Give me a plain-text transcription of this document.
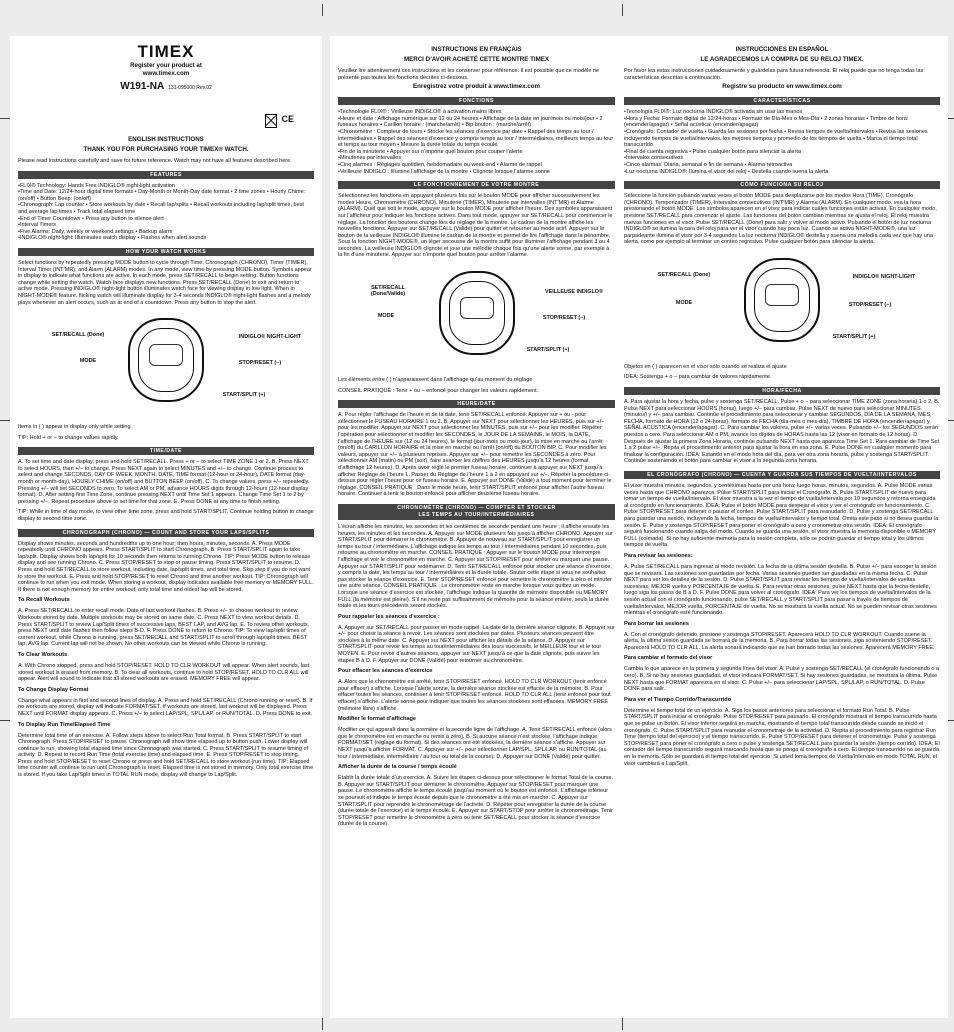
TIMEX
Register your product at
www.timex.com
W191-NA 131-095000 Rev.02
CE
ENGLISH INSTRUCTIONS
THANK YOU FOR PURCHASING YOUR TIMEX® WATCH.
Please read instructions carefully and save for future reference. Watch may not have all features described here.
FEATURES
• FLIX® Technology: Hands Free INDIGLO® night-light activation
• Time and Date: 12/24-hour digital time formats • Day-Month or Month-Day date format • 2 time zones • Hourly Chime: (on/off) • Button Beep: (on/off)
• Chronograph: Lap counter • Store workouts by date • Recall lap/splits • Recall workouts including lap/split times, best and average lap times • Track total elapsed time
• End of Timer Countdown • Press any button to silence alert
• Interval Timers
• Five Alarms: Daily, weekly or weekend settings • Backup alarm
• INDIGLO® night-light: Illuminates watch display • Flashes when alert sounds
HOW YOUR WATCH WORKS
Select functions by repeatedly pressing MODE button to cycle through Time, Chronograph (CHRONO), Timer (TIMER), Interval Timer (INT’MR), and Alarm (ALARM) modes. In any mode, view time by pressing MODE button. Symbols appear in display to indicate what functions are active. In each mode, press SET/RECALL to begin setting. Button functions change while setting the watch. Watch face displays new functions. Press SET/RECALL (Done) to exit and return to active mode. Pressing INDIGLO® night-light button illuminates watch face for viewing display in low light. When in NIGHT-MODE® feature, flicking watch will illuminate display for 3-4 seconds INDIGLO® night-light flashes and a melody plays whenever an alert occurs, such as at end of a countdown. Press any button to stop the alert.
SET/RECALL (Done)	INDIGLO® NIGHT-LIGHT
MODE	STOP/RESET (−)
START/SPLIT (+)
Items in ( ) appear in display only while setting
TIP: Hold + or − to change values rapidly.
TIME/DATE
A. To set time and date display, press and hold SET/RECALL. Press + or − to select TIME ZONE 1 or 2. B. Press NEXT to select HOURS, then +/− to change. Press NEXT again to select MINUTES and +/− to change. Continue process to select and change SECONDS, DAY OF WEEK, MONTH, DATE, TIME format (12-hour or 24-hour), DATE format (day-month or month-day), HOURLY CHIME (on/off) and BUTTON BEEP (on/off). C. To change values, press +/− repeatedly. Pressing +/− will set SECONDS to zero. To select AM or PM, advance HOURS digits through 12-hours (12-hour display format). D. After setting first Time Zone, continue pressing NEXT until Time Set 1 appears. Change Time Set 1 to 2 by pressing +/−. Repeat procedure above to set time for that zone. E. Press DONE at any time to finish setting.
TIP: While in time of day mode, to view other time zone, press and hold START/SPLIT. Continue holding button to change display to second time zone.
CHRONOGRAPH (CHRONO) — COUNT AND STORE YOUR LAPS/SPLITS
Display shows minutes, seconds and hundredths up to one hour; then hours, minutes, seconds. A. Press MODE repeatedly until CHRONO appears. Press START/SPLIT to start Chronograph. B. Press START/SPLIT again to take lap/split. Display shows both lap/split for 10 seconds then returns to running Chrono. TIP: Press MODE button to release display and see running Chrono. C. Press STOP/RESET to stop or pause timing. Press START/SPLIT to resume. D. Press and hold SET/RECALL to store workout, including date, lap/split times, and total time. Skip step if you do not want to store the workout. E. Press and hold STOP/RESET to reset Chrono and time another workout. TIP: Chronograph will continue to run when you exit mode. When storing a workout, display indicates available free memory or MEMORY FULL. If there is not enough memory for entire workout, only total time and oldest lap will be stored.
To Recall Workouts
A. Press SET/RECALL to enter recall mode. Date of last workout flashes. B. Press +/− to choose workout to review. Workouts stored by date. Multiple workouts may be stored on same date. C. Press NEXT to view workout details. D. Press START/SPLIT to review Lap/Split times of successive laps, BEST LAP, and AVG lap. E. To review other workouts, press NEXT until date flashes then follow steps B-D. F. Press DONE to return to Chrono. TIP: To view lap/split times of current workout, while Chrono is running, press SET/RECALL and START/SPLIT to scroll through lap/split times, BEST lap, AVG lap. Current lap will not be shown. No other workouts can be viewed while Chrono is running.
To Clear Workouts
A. With Chrono stopped, press and hold STOP/RESET. HOLD TO CLR WORKOUT will appear. When alert sounds, last stored workout is erased from memory. B. To clear all workouts, continue to hold STOP/RESET. HOLD TO CLR ALL will appear. Alert will sound to indicate that all stored workouts are erased. MEMORY FREE will appear.
To Change Display Format
Change what appears in first and second lines of display. A. Press and hold SET/RECALL (Chrono running or reset). B. If no workouts are stored, display will indicate FORMAT/SET. If workouts are stored, last workout will be displayed. Press NEXT until FORMAT display appears. C. Press +/− to select LAP/SPL, SPL/LAP, or RUN/TOTAL. D. Press DONE to exit.
To Display Run Time/Elapsed Time
Determine total time of an exercise. A. Follow steps above to select Run Total format. B. Press START/SPLIT to start Chronograph. Press STOP/RESET to pause. Chronograph will show time elapsed up to button push. Lower display will continue to run, showing total elapsed time since Chronograph was started. C. Press START/SPLIT to resume timing of activity. D. Repeat to record Run Time (total exercise time) and elapsed time. E. Press STOP/RESET to stop timing. Press and hold STOP/RESET to reset Chrono or press and hold SET/RECALL to store workout (run time). TIP: Elapsed time counter will continue to run until Chronograph is reset. Elapsed time is not stored in memory. Only total exercise time is stored. If you take Lap/Split times in TOTAL RUN mode, display will change to Lap/Split.
INSTRUCTIONS EN FRANÇAIS
MERCI D’AVOIR ACHETÉ CETTE MONTRE TIMEX
Veuillez lire attentivement ces instructions et les conserver pour référence. Il est possible que ce modèle ne présente pas toutes les fonctions décrites ci-dessous.
Enregistrez votre produit à www.timex.com
FONCTIONS
• Technologie FLIX® : Veilleuse INDIGLO® à activation mains libres
• Heure et date : Affichage numérique sur 12 ou 24 heures • Affichage de la date en jour/mois ou mois/jour • 2 fuseaux horaires • Carillon horaire : (marche/arrêt) • Bip bouton : (marche/arrêt)
• Chronomètre : Compteur de tours • Stocke les séances d’exercice par date • Rappel des temps au tour / intermédiaires • Rappel des séances d’exercice y compris temps au tour / intermédiaires, meilleurs temps au tour et temps au tour moyen • Mesure la durée totale du temps écoulé
• Fin de la minuterie • Appuyer sur n’importe quel bouton pour couper l’alerte
• Minuteries par intervalles
• Cinq alarmes : Réglages quotidien, hebdomadaire ou week-end • Alarme de rappel
• Veilleuse INDIGLO : Illumine l’affichage de la montre • Clignote lorsque l’alarme sonne
LE FONCTIONNEMENT DE VOTRE MONTRE
Sélectionnez les fonctions en appuyant plusieurs fois sur le bouton MODE pour afficher successivement les modes Heure, Chronomètre (CHRONO), Minuterie (TIMER), Minuterie par intervalles (INT’MR) et Alarme (ALARM). Quel que soit le mode, appuyer sur le bouton MODE pour afficher l’heure. Des symboles apparaissent sur l’afficheur pour indiquer les fonctions actives. Dans tout mode, appuyer sur SET/RECALL pour commencer le réglage. La fonction des boutons change lors du réglage de la montre. Le cadran de la montre affiche les nouvelles fonctions. Appuyer sur SET/RECALL (Validé) pour quitter et retourner au mode actif. Appuyer sur le bouton de la veilleuse INDIGLO® illumine le cadran de la montre et permet de lire l’affichage dans la pénombre. Sous la fonction NIGHT-MODE®, un léger secousse de la montre suffit pour illuminer l’affichage pendant 3 ou 4 secondes. La veilleuse INDIGLO® clignote et joue une mélodie chaque fois qu’une alerte sonne, par exemple à la fin d’une minuterie. Appuyer sur n’importe quel bouton pour arrêter l’alarme.
SET/RECALL (Done/Validé)	VEILLEUSE INDIGLO®
MODE	STOP/RESET (−)
START/SPLIT (+)
Les éléments entre ( ) n’apparaissent dans l’affichage qu’au moment du réglage
CONSEIL PRATIQUE : Tenir + ou − enfoncé pour changer les valeurs rapidement.
HEURE/DATE
A. Pour régler l’affichage de l’heure et de la date, tenir SET/RECALL enfoncé. Appuyer sur + ou - pour sélectionner le FUSEAU HORAIRE 1 ou 2. B. Appuyer sur NEXT pour sélectionner les HEURES, puis sur +/− pour les modifier. Appuyer sur NEXT pour sélectionner les MINUTES, puis sur +/− pour les modifier. Répéter l’opération pour sélectionner et modifier les SECONDES, le JOUR DE LA SEMAINE, le MOIS, la DATE, l’affichage de l’HEURE sur (12 ou 24 heures), le format (jour-mois ou mois-jour), la mise en marche ou l’arrêt (on/off) du CARILLON HORAIRE et la mise en marche ou l’arrêt (on/off) du BOUTON BIP. C. Pour modifier les valeurs, appuyer sur +/− à plusieurs reprises. Appuyer sur +/− pour remettre les SECONDES à zéro. Pour sélectionner AM (matin) ou PM (soir), faire avancer les chiffres des HEURES jusqu’à 12 heures (format d’affichage 12 heures). D. Après avoir réglé le premier fuseau horaire, continuer à appuyer sur NEXT jusqu’à afficher Réglage de l’heure 1. Passer du Réglage de l’heure 1 à 2 en appuyant sur +/−. Répéter la procédure ci-dessus pour régler l’heure pour ce fuseau horaire. E. Appuyer sur DONE (Validé) à tout moment pour terminer le réglage. CONSEIL PRATIQUE : Dans le mode heure, tenir START/SPLIT enfoncé pour afficher l’autre fuseau horaire. Continuer à tenir le bouton enfoncé pour afficher deuxième fuseau horaire.
CHRONOMÈTRE (CHRONO) — COMPTER ET STOCKER
LES TEMPS AU TOUR/INTERMÉDIAIRES
L’écran affiche les minutes, les secondes et les centièmes de seconde pendant une heure ; il affiche ensuite les heures, les minutes et les secondes. A. Appuyer sur MODE plusieurs fois jusqu’à afficher CHRONO. Appuyer sur START/SPLIT pour démarrer le chronomètre. B. Appuyer de nouveau sur START/SPLIT pour enregistrer un temps au tour / intermédiaire. L’affichage indique les temps au tour / intermédiaires pendant 10 secondes, puis retourne au chronomètre en marche. CONSEIL PRATIQUE : Appuyer sur le bouton MODE pour interrompre l’affichage et voir le chronomètre en marche. C. Appuyer sur STOP/RESET pour arrêter ou marquer une pause. Appuyer sur START/SPLIT pour redémarrer. D. Tenir SET/RECALL enfoncé pour stocker une séance d’exercice, y compris la date, les temps au tour / intermédiaires et la durée totale. Sauter cette étape si vous ne souhaitez pas stocker la séance d’exercice. E. Tenir STOP/RESET enfoncé pour remettre le chronomètre à zéro et minuter une autre séance. CONSEIL PRATIQUE : Le chronomètre reste en marche lorsque vous quittez un mode. Lorsque une séance d’exercice est stockée, l’affichage indique la quantité de mémoire disponible ou MEMORY FULL (la mémoire est pleine). S’il ne reste pas suffisamment de mémoire pour la séance entière, seuls la durée totale et les tours précédents seront stockés.
Pour rappeler les séances d’exercice :
A. Appuyer sur SET/RECALL pour passer en mode rappel. La date de la dernière séance clignote. B. Appuyer sur +/− pour choisir la séance à revoir. Les séances sont stockées par dates. Plusieurs séances peuvent être stockées à la même date. C. Appuyer sur NEXT pour afficher les détails de la séance. D. Appuyer sur START/SPLIT pour revoir les temps au tour/intermédiaires des tours successifs, le MEILLEUR tour et le tour MOYEN. E. Pour revoir d’autres séances, appuyer sur NEXT jusqu’à ce que la date clignote, puis suivre les étapes B à D. F. Appuyer sur DONE (Validé) pour retourner au chronomètre.
Pour effacer les séances d’exercice
A. Alors que le chronomètre est arrêté, tenir STOP/RESET enfoncé. HOLD TO CLR WORKOUT (tenir enfoncé pour effacer) s’affiche. Lorsque l’alerte sonne, la dernière séance stockée est effacée de la mémoire. B. Pour effacer toutes les séances, continuer à tenir STOP/RESET enfoncé. HOLD TO CLR ALL (tenir enfoncé pour tout effacer) s’affiche. L’alerte sonne pour indiquer que toutes les séances stockées sont effacées. MEMORY FREE (mémoire libre) s’affiche.
Modifier le format d’affichage
Modifier ce qui apparaît dans la première et la seconde ligne de l’affichage. A. Tenir SET/RECALL enfoncé (alors que le chronomètre est en marche ou remis à zéro). B. Si aucune séance n’est stockée, l’affichage indique FORMAT/SET (réglage du format). Si des séances ont été stockées, la dernière séance s’affiche. Appuyer sur NEXT jusqu’à afficher FORMAT. C. Appuyer sur +/− pour sélectionner LAP/SPL, SPL/LAP, ou RUN/TOTAL (au tour / intermédiaire, intermédiaire / au tour ou total de la course). D. Appuyer sur DONE (Validé) pour quitter.
Afficher la durée de la course / temps écoulé
Établir la durée totale d’un exercice. A. Suivre les étapes ci-dessus pour sélectionner le format Total de la course. B. Appuyer sur START/SPLIT pour démarrer le chronomètre. Appuyer sur STOP/RESET pour marquer une pause. Le chronomètre affiche le temps écoulé jusqu’au moment où le bouton est enfoncé. L’affichage inférieur se poursuit et indique le temps écoulé depuis que le chronomètre a été mis en marche. C. Appuyer sur START/SPLIT pour reprendre le chronométrage de l’activité. D. Répéter pour enregistrer la durée de la course (durée totale de l’exercice) et le temps écoulé. E. Appuyer sur START/STOP pour arrêter le chronométrage. Tenir STOP/RESET pour remettre le chronomètre à zéro ou tenir SET/RECALL pour stocker la séance d’exercice (durée de la course).
INSTRUCCIONES EN ESPAÑOL
LE AGRADECEMOS LA COMPRA DE SU RELOJ TIMEX.
Por favor lea estas instrucciones cuidadosamente y guárdelas para futura referencia. El reloj puede que no tenga todas las características descritas a continuación.
Registre su producto en www.timex.com
CARACTERÍSTICAS
• Tecnología FLIX®: Luz nocturna INDIGLO® activada sin usar las manos
• Hora y Fecha: Formato digital de 12/24-horas • Formato de Día-Mes o Mes-Día • 2 zonas horarias • Timbre de hora: (encender/apagar) • Señal acústica: (encender/apagar)
• Cronógrafo: Contador de vuelta • Guarda las sesiones por fecha • Revisa tiempos de vuelta/intervalos • Revisa las sesiones incluyendo tiempos de vuelta/intervalos, los mejores tiempos y promedio de los tiempos de vuelta • Marca el tiempo total transcurrido
• Final de cuenta regresiva • Pulse cualquier botón para silenciar la alerta
• Intervalos consecutivos
• Cinco alarmas: Diaria, semanal o fin de semana • Alarma retroactiva
• Luz nocturna INDIGLO®: Ilumina el visor del reloj • Destella cuando suena la alerta
CÓMO FUNCIONA SU RELOJ
Seleccione la función pulsando varias veces el botón MODE para desplazarse por los modos Hora (TIME), Cronógrafo (CHRONO), Temporizador (TIMER), Intervalos consecutivos (INT’MR) y Alarma (ALARM). En cualquier modo, vea la hora presionando el botón MODE. Los símbolos aparecen en el visor para indicar cuáles funciones están activas. En cualquier modo, presione SET/RECALL para comenzar el ajuste. Las funciones del botón cambian mientras se ajusta el reloj. El reloj muestra nuevas funciones en el visor. Pulse SET/RECALL (Done) para salir y volver al modo activo. Pulsando el botón de luz nocturna INDIGLO® se ilumina la cara del reloj para ver el visor cuando hay poca luz. Cuando se activa NIGHT-MODE®, una luz parpadeante ilumina el visor por 3-4 segundos La luz nocturna INDIGLO® destella y suena una melodía cada vez que hay una alerta, como por ejemplo al terminar un conteo regresivo. Pulse cualquier botón para silenciar la alerta.
SET/RECALL (Done)	INDIGLO® NIGHT-LIGHT
MODE	STOP/RESET (−)
START/SPLIT (+)
Objetos en ( ) aparecen en el visor sólo cuando se realiza el ajuste
IDEA: Sostenga + o − para cambiar de valores rápidamente.
HORA/FECHA
A. Para ajustar la hora y fecha, pulse y sostenga SET/RECALL. Pulse + o − para seleccionar TIME ZONE (zona horaria) 1 o 2. B. Pulse NEXT para seleccionar HOURS (horas), luego +/− para cambiar. Pulse NEXT de nuevo para seleccionar MINUTES (minutos) y +/− para cambiar. Continúe el procedimiento para seleccionar y cambiar SEGUNDOS, DÍA DE LA SEMANA, MES, FECHA, formato de HORA (12 o 24-horas), formato de FECHA (día-mes o mes-día), TIMBRE DE HORA (encender/apagar) y SEÑAL ACÚSTICA (encender/apagar). C. Para cambiar los valores, pulse +/− varias veces. Pulsando +/− los SEGUNDOS serán puestos a cero. Para seleccionar AM o PM, avance los dígitos de HORAS hasta las 12 (visor en formato de 12 horas). D. Después de ajustar la primera Zona Horaria, continúe pulsando NEXT hasta que aparezca Time Set 1. Para cambiar de Time Set 1 a 2 pulse +/−. Repita el procedimiento anterior para ajustar la hora en esa zona. E. Pulse DONE en cualquier momento para finalizar la configuración. IDEA: Estando en el modo hora del día, para ver otra zona horaria, pulse y sostenga START/SPLIT. Continúe sosteniendo el botón para cambiar el visor a la segunda zona horaria.
EL CRONÓGRAFO (CHRONO) — CUENTA Y GUARDA SUS TIEMPOS DE VUELTA/INTERVALOS
El visor muestra minutos, segundos, y centésimas hasta por una hora; luego horas, minutos, segundos. A. Pulse MODE varias veces hasta que CHRONO aparezca. Pulse START/SPLIT para iniciar el Cronógrafo. B. Pulse START/SPLIT de nuevo para tomar un tiempo de vuelta/intervalo. El visor muestra a la vez el tiempo de vuelta/intervalo por 10 segundos y retorna enseguida al cronógrafo en funcionamiento. IDEA: Pulse el botón MODE para despejar el visor y ver el cronógrafo en funcionamiento. C. Pulse STOP/RESET para detener o pausar el conteo. Pulse START/SPLIT para reanudarlo. D. Pulse y sostenga SET/RECALL para guardar una sesión, incluyendo la fecha, tiempos de vuelta/intervalos y tiempo total. Omita este paso si no desea guardar la sesión. E. Pulse y sostenga STOP/RESET para poner el cronógrafo a cero y cronometrar otra sesión. IDEA: El cronógrafo seguirá funcionando cuando salga del modo. Cuando se guarda una sesión, el visor muestra la memoria disponible o MEMORY FULL (colmada). Si no hay suficiente memoria para la sesión completa, sólo se podrán guardar el tiempo total y los últimos tiempos de vuelta.
Para revisar las sesiones:
A. Pulse SET/RECALL para ingresar al modo revisión. La fecha de la última sesión destella. B. Pulse +/− para escoger la sesión que se revisará. Las sesiones son guardadas por fecha. Varias sesiones pueden ser guardadas en la misma fecha. C. Pulse NEXT para ver los detalles de la sesión. D. Pulse START/SPLIT para revisar los tiempos de vuelta/intervalos de vueltas sucesivas, MEJOR vuelta y PORCENTAJE de vuelta. E. Para revisar otras sesiones, pulse NEXT hasta que la fecha destelle, luego siga los pasos de B a D. F. Pulse DONE para volver al cronógrafo. IDEA: Para ver los tiempos de vuelta/intervalos de la sesión actual con el cronógrafo funcionando, pulse SET/RECALL y START/SPLIT para pasar a través de tiempos de vuelta/intervalos, MEJOR vuelta, PORCENTAJE de vuelta. No se mostrará la vuelta actual. No se pueden revisar otras sesiones mientras el cronógrafo esté funcionando.
Para borrar las sesiones
A. Con el cronógrafo detenido, presione y sostenga STOP/RESET. Aparecerá HOLD TO CLR WORKOUT. Cuando suene la alerta, la última sesión guardada se borrará de la memoria. B. Para borrar todas las sesiones, siga sosteniendo STOP/RESET. Aparecerá HOLD TO CLR ALL. La alerta sonará indicando que se han borrado todas las sesiones. Aparecerá MEMORY FREE.
Para cambiar el formato del visor
Cambia lo que aparece en la primera y segunda línea del visor. A. Pulse y sostenga SET/RECALL (el cronógrafo funcionando o a cero). B. Si no hay sesiones guardadas, el visor indicará FORMAT/SET. Si hay sesiones guardadas, se mostrará la última. Pulse NEXT hasta que FORMAT aparezca en el visor. C. Pulse +/− para seleccionar LAP/SPL, SPL/LAP, o RUN/TOTAL. D. Pulse DONE para salir.
Para ver el Tiempo Corrido/Transcurrido
Determine el tiempo total de un ejercicio. A. Siga los pasos anteriores para seleccionar el formato Run Total. B. Pulse START/SPLIT para iniciar el cronógrafo. Pulse STOP/RESET para pausarlo. El cronógrafo mostrará el tiempo transcurrido hasta que se pulse un botón. El visor inferior seguirá en marcha, mostrando el tiempo total transcurrido desde cuando se inició el cronógrafo. C. Pulse START/SPLIT para reanudar el cronometraje de la actividad. D. Repita el procedimiento para registrar Run Time (tiempo total del ejercicio) y el tiempo transcurrido. E. Pulse STOP/RESET para detener el cronometraje. Pulse y sostenga STOP/RESET para poner el cronógrafo a cero o pulse y sostenga SET/RECALL para guardar la sesión (tiempo corrido). IDEA: El contador del tiempo transcurrido seguirá marcando hasta que se ponga al cronógrafo a cero. El tiempo transcurrido no se guarda en la memoria. Sólo se guardará el tiempo total del ejercicio. Si usted toma tiempos de Vuelta/Intervalo en modo TOTAL RUN, el visor cambiará a Lap/Split.
